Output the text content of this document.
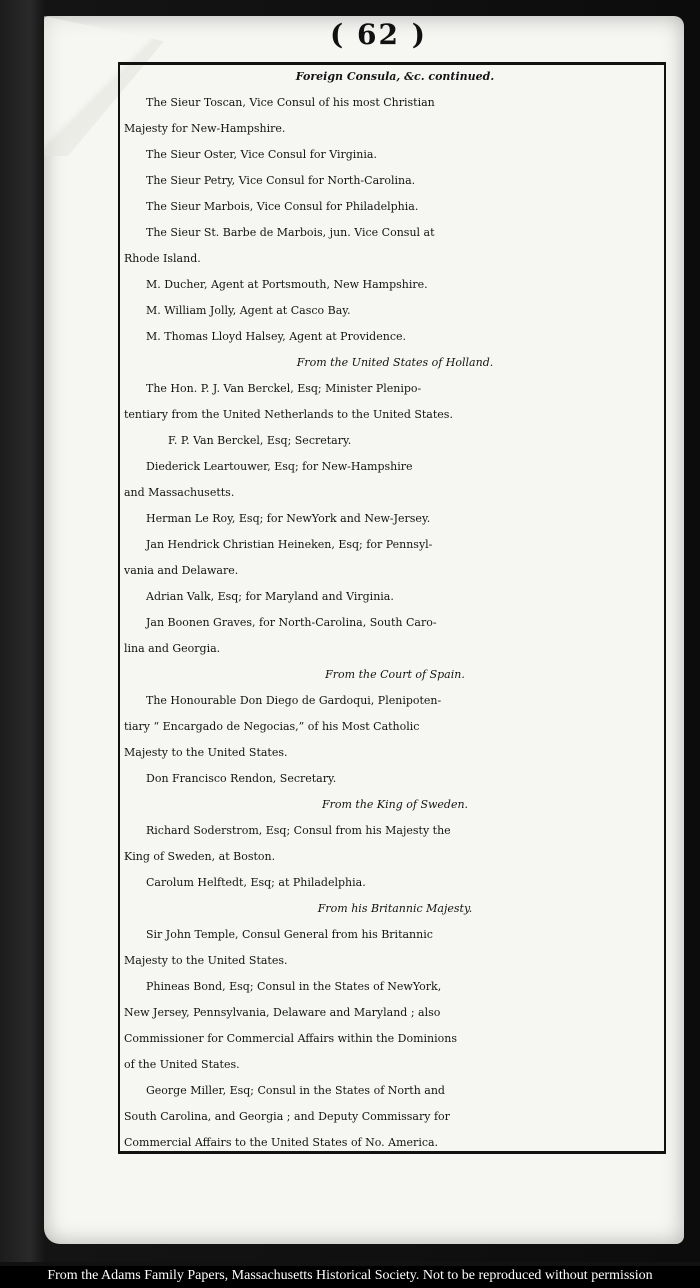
( 62 )
Foreign Consula, &c. continued.
The Sieur Toscan, Vice Consul of his most Christian
Majesty for New-Hampshire.
The Sieur Oster, Vice Consul for Virginia.
The Sieur Petry, Vice Consul for North-Carolina.
The Sieur Marbois, Vice Consul for Philadelphia.
The Sieur St. Barbe de Marbois, jun. Vice Consul at
Rhode Island.
M. Ducher, Agent at Portsmouth, New Hampshire.
M. William Jolly, Agent at Casco Bay.
M. Thomas Lloyd Halsey, Agent at Providence.
From the United States of Holland.
The Hon. P. J. Van Berckel, Esq; Minister Plenipo-
tentiary from the United Netherlands to the United States.
F. P. Van Berckel, Esq; Secretary.
Diederick Leartouwer, Esq; for New-Hampshire
and Massachusetts.
Herman Le Roy, Esq; for NewYork and New-Jersey.
Jan Hendrick Christian Heineken, Esq; for Pennsyl-
vania and Delaware.
Adrian Valk, Esq; for Maryland and Virginia.
Jan Boonen Graves, for North-Carolina, South Caro-
lina and Georgia.
From the Court of Spain.
The Honourable Don Diego de Gardoqui, Plenipoten-
tiary “ Encargado de Negocias,” of his Most Catholic
Majesty to the United States.
Don Francisco Rendon, Secretary.
From the King of Sweden.
Richard Soderstrom, Esq; Consul from his Majesty the
King of Sweden, at Boston.
Carolum Helftedt, Esq; at Philadelphia.
From his Britannic Majesty.
Sir John Temple, Consul General from his Britannic
Majesty to the United States.
Phineas Bond, Esq; Consul in the States of NewYork,
New Jersey, Pennsylvania, Delaware and Maryland ; also
Commissioner for Commercial Affairs within the Dominions
of the United States.
George Miller, Esq; Consul in the States of North and
South Carolina, and Georgia ; and Deputy Commissary for
Commercial Affairs to the United States of No. America.
From the Adams Family Papers, Massachusetts Historical Society. Not to be reproduced without permission
